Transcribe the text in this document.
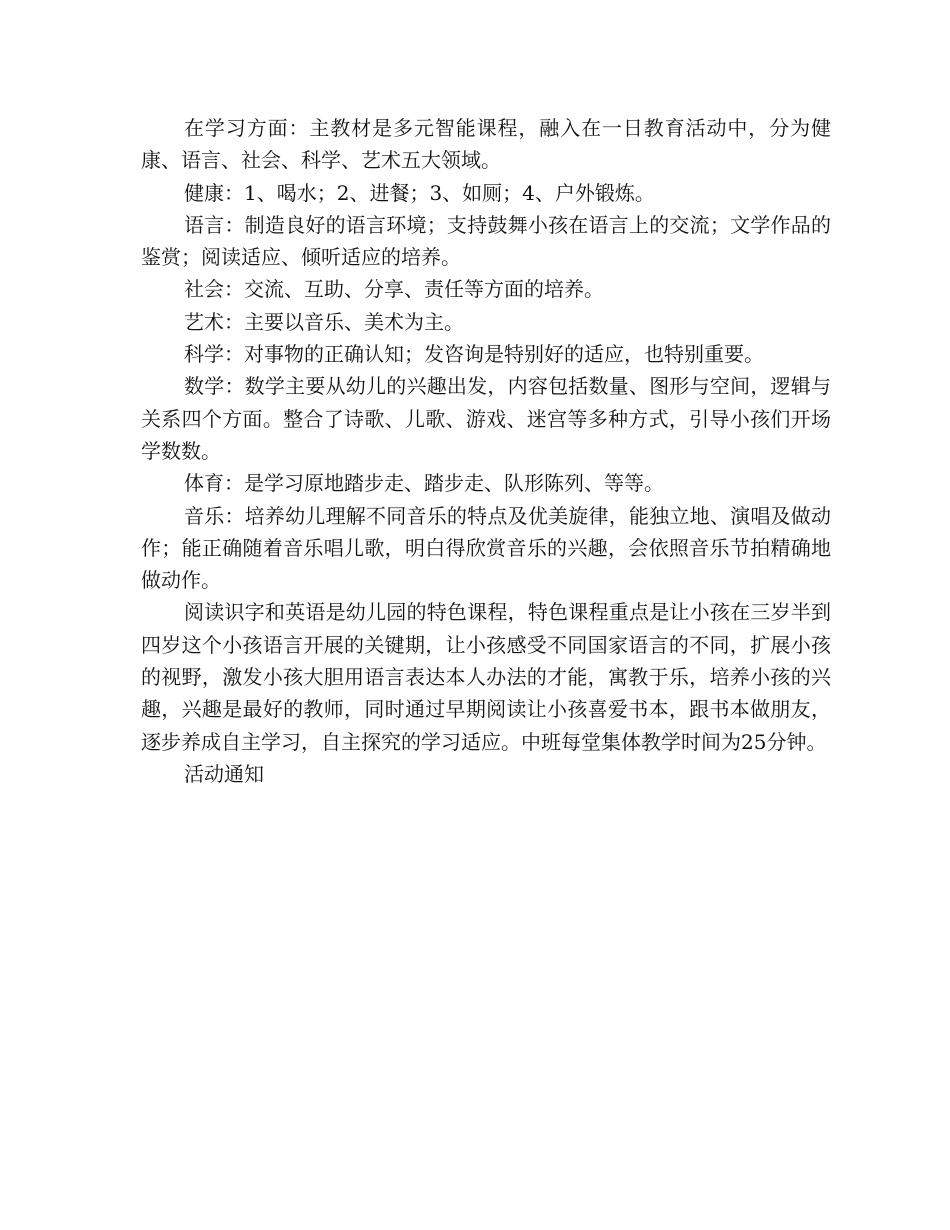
在学习方面：主教材是多元智能课程，融入在一日教育活动中，分为健康、语言、社会、科学、艺术五大领域。

健康：1、喝水；2、进餐；3、如厕；4、户外锻炼。

语言：制造良好的语言环境；支持鼓舞小孩在语言上的交流；文学作品的鉴赏；阅读适应、倾听适应的培养。

社会：交流、互助、分享、责任等方面的培养。

艺术：主要以音乐、美术为主。

科学：对事物的正确认知；发咨询是特别好的适应，也特别重要。

数学：数学主要从幼儿的兴趣出发，内容包括数量、图形与空间，逻辑与关系四个方面。整合了诗歌、儿歌、游戏、迷宫等多种方式，引导小孩们开场学数数。

体育：是学习原地踏步走、踏步走、队形陈列、等等。

音乐：培养幼儿理解不同音乐的特点及优美旋律，能独立地、演唱及做动作；能正确随着音乐唱儿歌，明白得欣赏音乐的兴趣，会依照音乐节拍精确地做动作。

阅读识字和英语是幼儿园的特色课程，特色课程重点是让小孩在三岁半到四岁这个小孩语言开展的关键期，让小孩感受不同国家语言的不同，扩展小孩的视野，激发小孩大胆用语言表达本人办法的才能，寓教于乐，培养小孩的兴趣，兴趣是最好的教师，同时通过早期阅读让小孩喜爱书本，跟书本做朋友，逐步养成自主学习，自主探究的学习适应。中班每堂集体教学时间为25分钟。

活动通知
